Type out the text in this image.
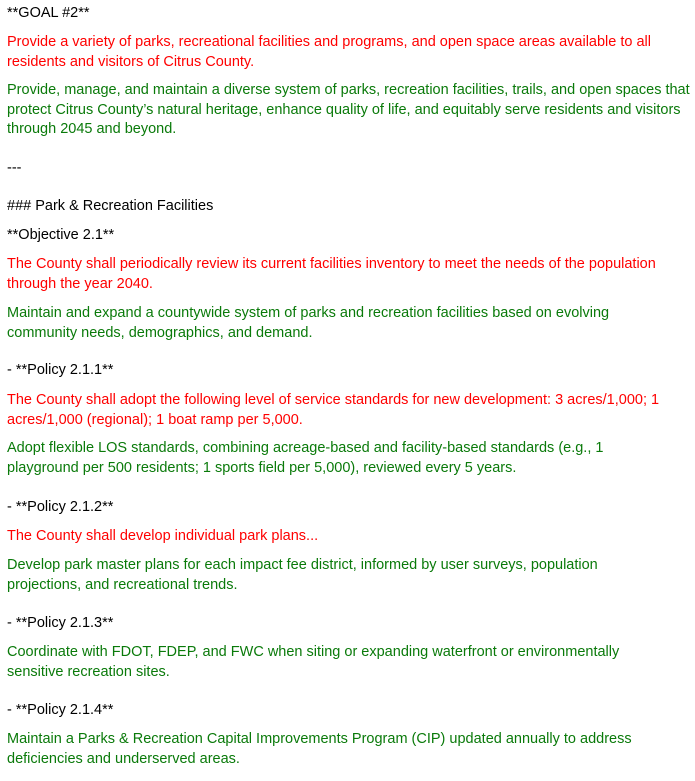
**GOAL #2**

Provide a variety of parks, recreational facilities and programs, and open space areas available to all residents and visitors of Citrus County.

Provide, manage, and maintain a diverse system of parks, recreation facilities, trails, and open spaces that protect Citrus County’s natural heritage, enhance quality of life, and equitably serve residents and visitors through 2045 and beyond.

---

### Park & Recreation Facilities

**Objective 2.1**

The County shall periodically review its current facilities inventory to meet the needs of the population through the year 2040.

Maintain and expand a countywide system of parks and recreation facilities based on evolving community needs, demographics, and demand.

- **Policy 2.1.1**

The County shall adopt the following level of service standards for new development: 3 acres/1,000; 1 acres/1,000 (regional); 1 boat ramp per 5,000.

Adopt flexible LOS standards, combining acreage-based and facility-based standards (e.g., 1 playground per 500 residents; 1 sports field per 5,000), reviewed every 5 years.

- **Policy 2.1.2**

The County shall develop individual park plans...

Develop park master plans for each impact fee district, informed by user surveys, population projections, and recreational trends.

- **Policy 2.1.3**

Coordinate with FDOT, FDEP, and FWC when siting or expanding waterfront or environmentally sensitive recreation sites.

- **Policy 2.1.4**

Maintain a Parks & Recreation Capital Improvements Program (CIP) updated annually to address deficiencies and underserved areas.
